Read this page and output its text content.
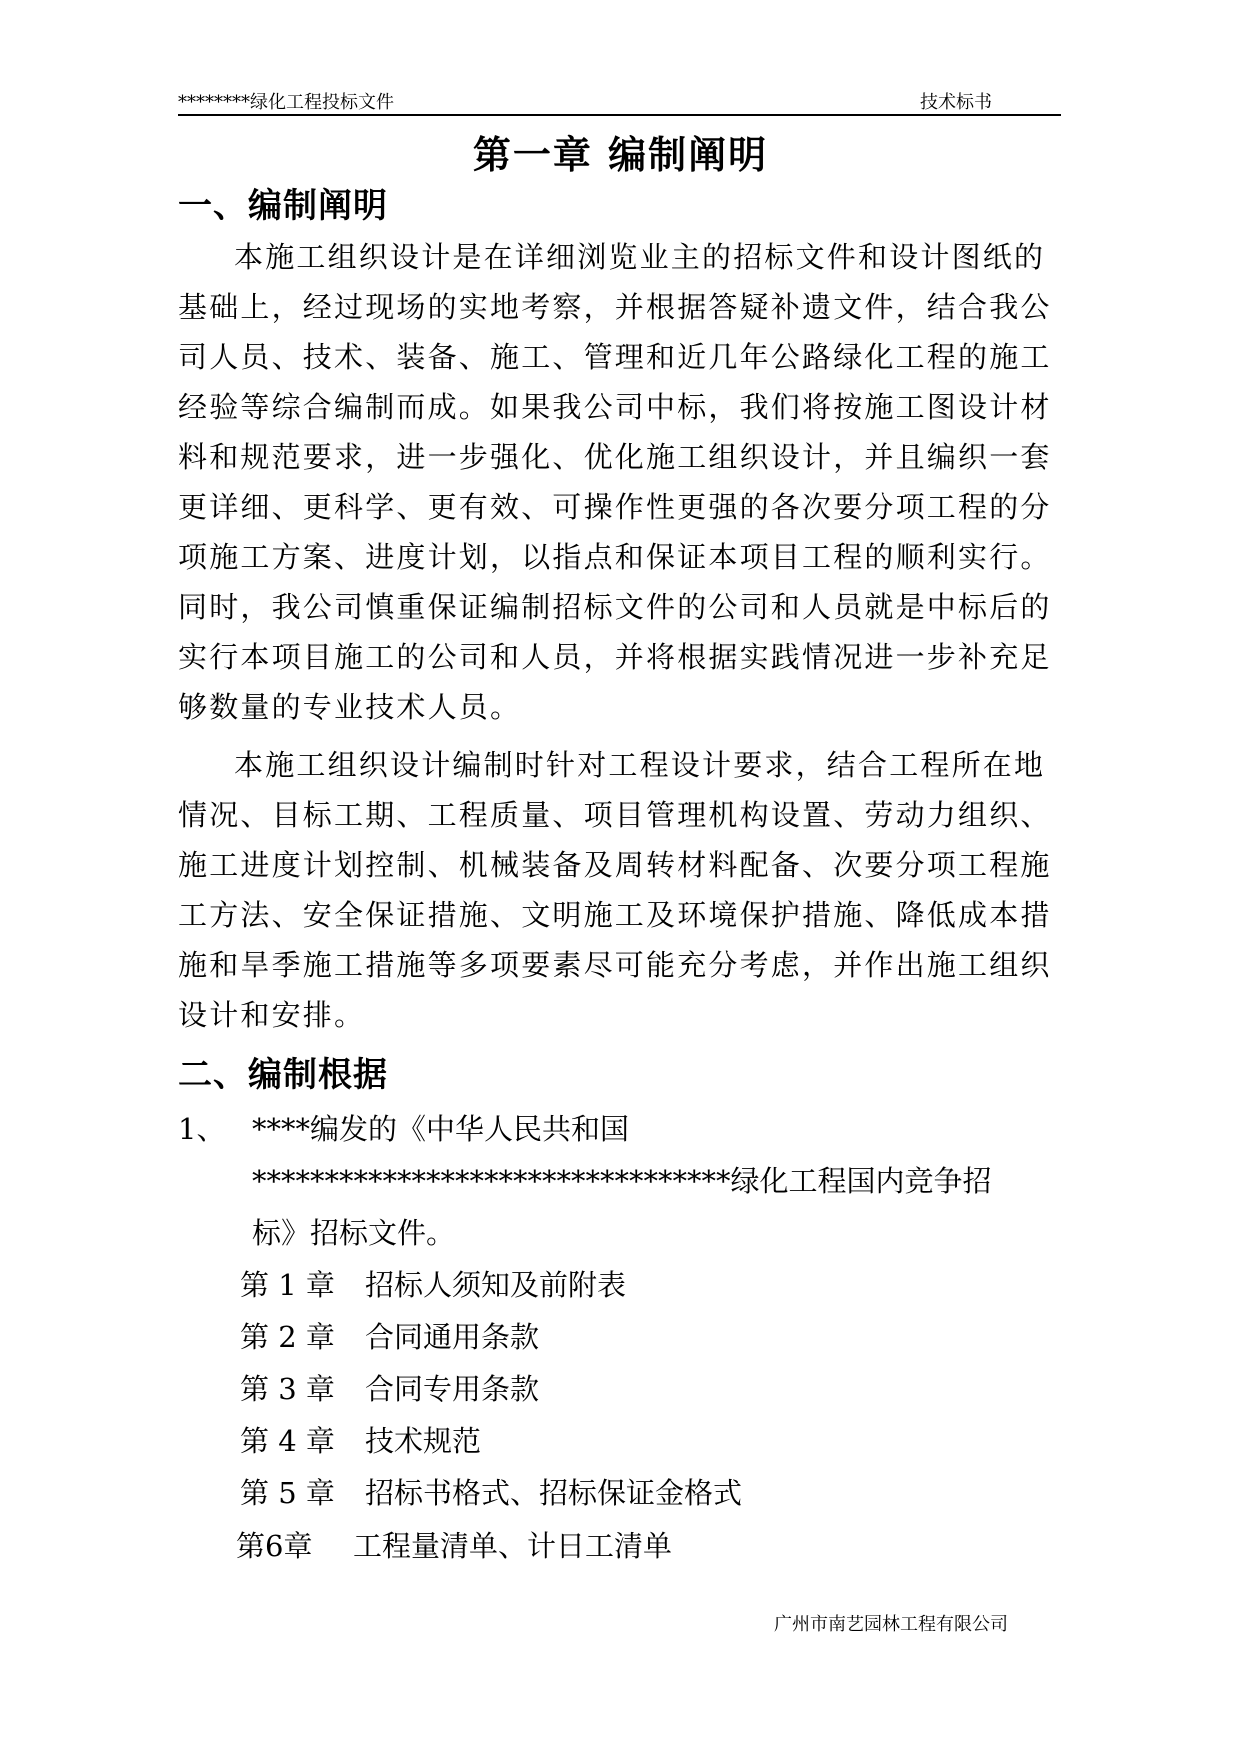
********绿化工程投标文件	技术标书
第一章 编制阐明
一、编制阐明
本施工组织设计是在详细浏览业主的招标文件和设计图纸的
基础上，经过现场的实地考察，并根据答疑补遗文件，结合我公
司人员、技术、装备、施工、管理和近几年公路绿化工程的施工
经验等综合编制而成。如果我公司中标，我们将按施工图设计材
料和规范要求，进一步强化、优化施工组织设计，并且编织一套
更详细、更科学、更有效、可操作性更强的各次要分项工程的分
项施工方案、进度计划，以指点和保证本项目工程的顺利实行。
同时，我公司慎重保证编制招标文件的公司和人员就是中标后的
实行本项目施工的公司和人员，并将根据实践情况进一步补充足
够数量的专业技术人员。
本施工组织设计编制时针对工程设计要求，结合工程所在地
情况、目标工期、工程质量、项目管理机构设置、劳动力组织、
施工进度计划控制、机械装备及周转材料配备、次要分项工程施
工方法、安全保证措施、文明施工及环境保护措施、降低成本措
施和旱季施工措施等多项要素尽可能充分考虑，并作出施工组织
设计和安排。
二、编制根据
1、 ****编发的《中华人民共和国
*********************************绿化工程国内竞争招
标》招标文件。
第 1 章 招标人须知及前附表
第 2 章 合同通用条款
第 3 章 合同专用条款
第 4 章 技术规范
第 5 章 招标书格式、招标保证金格式
第6章 工程量清单、计日工清单
广州市南艺园林工程有限公司
